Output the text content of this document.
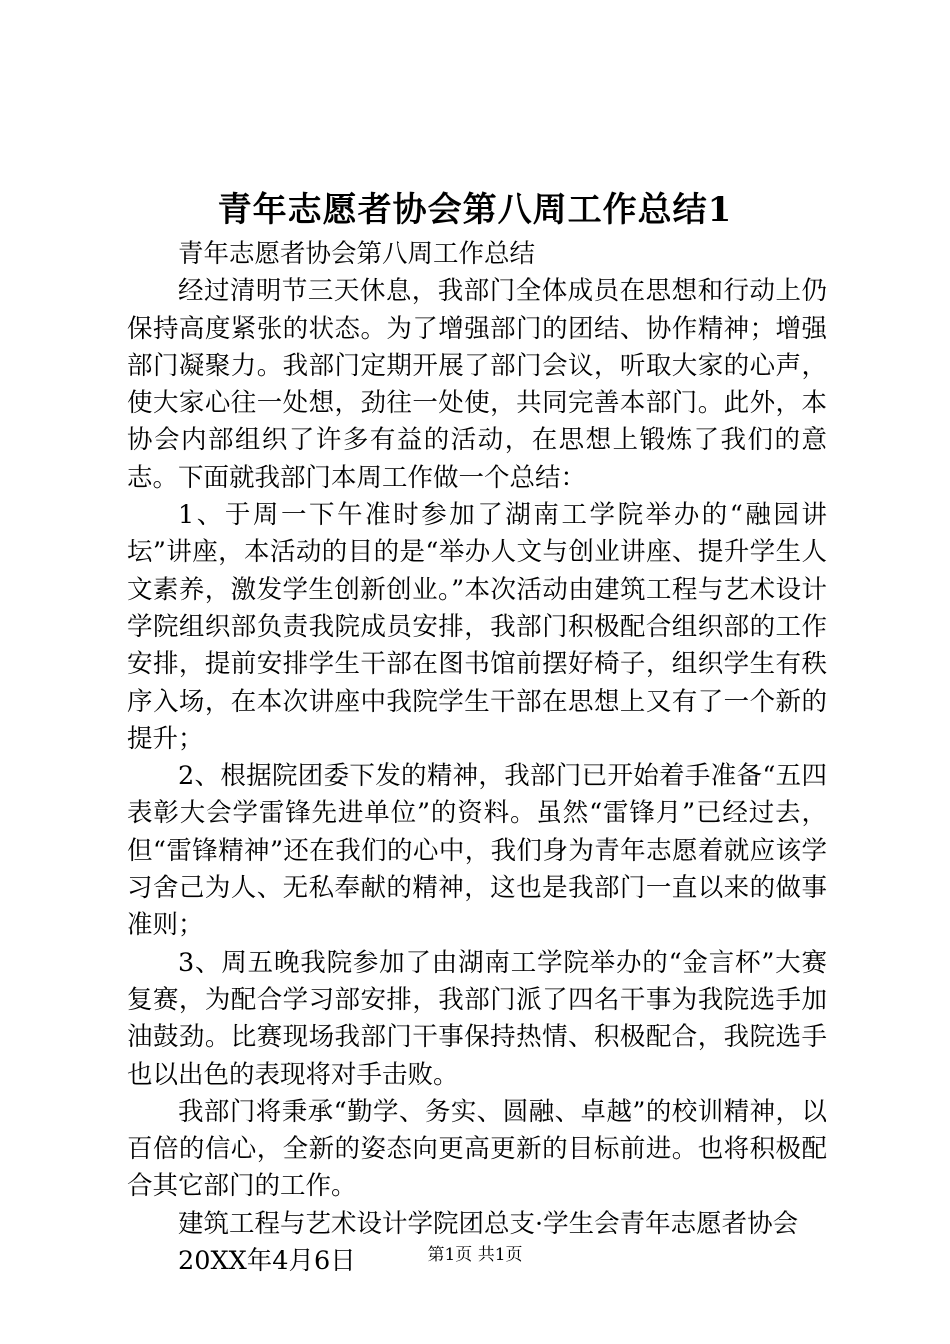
青年志愿者协会第八周工作总结1

青年志愿者协会第八周工作总结

经过清明节三天休息，我部门全体成员在思想和行动上仍保持高度紧张的状态。为了增强部门的团结、协作精神；增强部门凝聚力。我部门定期开展了部门会议，听取大家的心声，使大家心往一处想，劲往一处使，共同完善本部门。此外，本协会内部组织了许多有益的活动，在思想上锻炼了我们的意志。下面就我部门本周工作做一个总结：

1、于周一下午准时参加了湖南工学院举办的“融园讲坛”讲座，本活动的目的是“举办人文与创业讲座、提升学生人文素养，激发学生创新创业。”本次活动由建筑工程与艺术设计学院组织部负责我院成员安排，我部门积极配合组织部的工作安排，提前安排学生干部在图书馆前摆好椅子，组织学生有秩序入场，在本次讲座中我院学生干部在思想上又有了一个新的提升；

2、根据院团委下发的精神，我部门已开始着手准备“五四表彰大会学雷锋先进单位”的资料。虽然“雷锋月”已经过去，但“雷锋精神”还在我们的心中，我们身为青年志愿着就应该学习舍己为人、无私奉献的精神，这也是我部门一直以来的做事准则；

3、周五晚我院参加了由湖南工学院举办的“金言杯”大赛复赛，为配合学习部安排，我部门派了四名干事为我院选手加油鼓劲。比赛现场我部门干事保持热情、积极配合，我院选手也以出色的表现将对手击败。

我部门将秉承“勤学、务实、圆融、卓越”的校训精神，以百倍的信心，全新的姿态向更高更新的目标前进。也将积极配合其它部门的工作。

建筑工程与艺术设计学院团总支·学生会青年志愿者协会

20XX年4月6日	第1页 共1页
